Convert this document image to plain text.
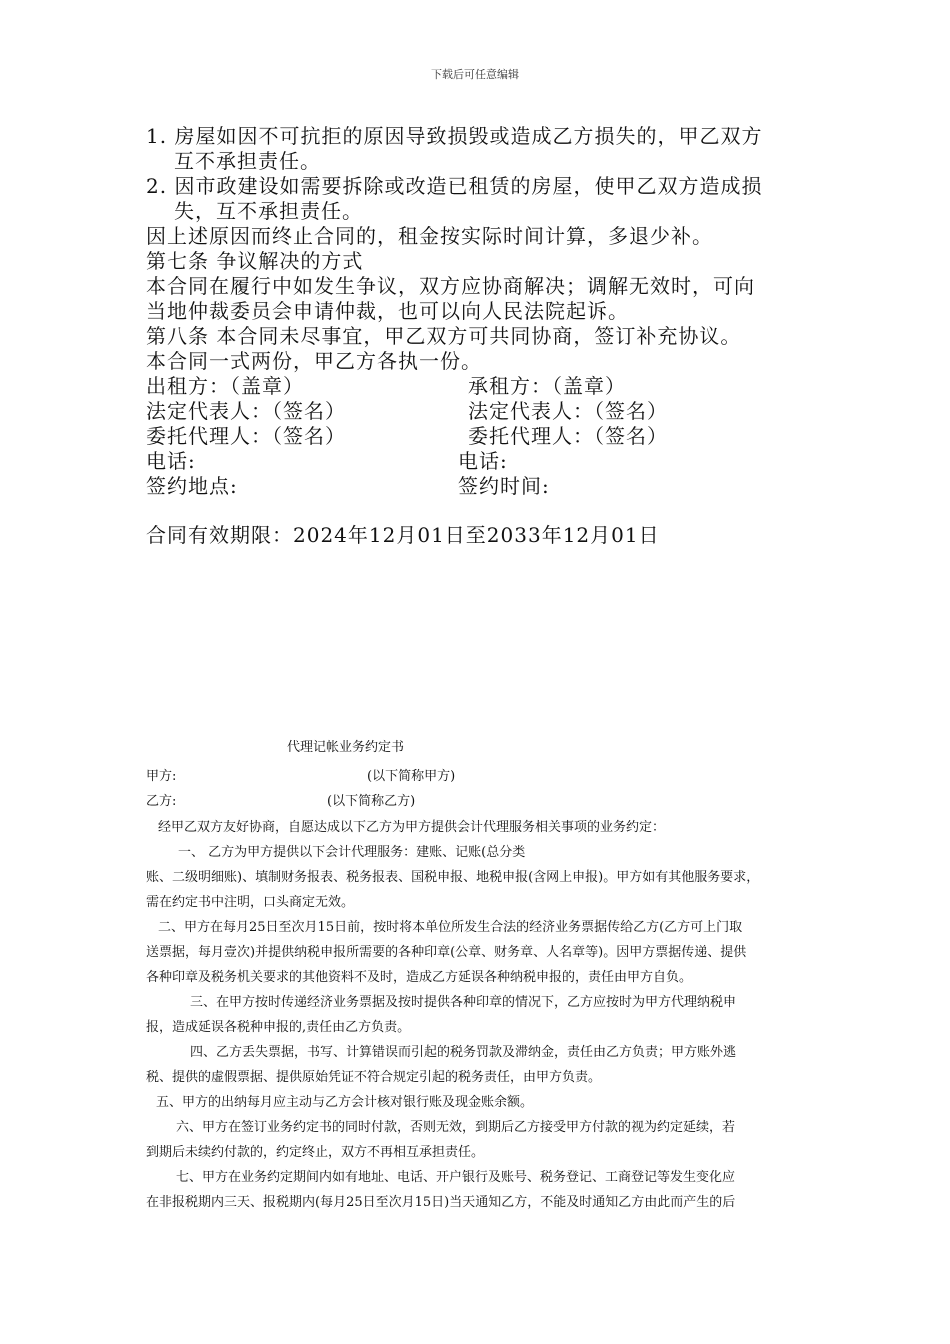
下载后可任意编辑
1. 房屋如因不可抗拒的原因导致损毁或造成乙方损失的，甲乙双方
互不承担责任。
2. 因市政建设如需要拆除或改造已租赁的房屋，使甲乙双方造成损
失，互不承担责任。
因上述原因而终止合同的，租金按实际时间计算，多退少补。
第七条 争议解决的方式
本合同在履行中如发生争议，双方应协商解决；调解无效时，可向
当地仲裁委员会申请仲裁，也可以向人民法院起诉。
第八条 本合同未尽事宜，甲乙双方可共同协商，签订补充协议。
本合同一式两份，甲乙方各执一份。
出租方：（盖章）	承租方：（盖章）
法定代表人：（签名）	法定代表人：（签名）
委托代理人：（签名）	委托代理人：（签名）
电话:	电话:
签约地点:	签约时间:
合同有效期限：2024年12月01日至2033年12月01日
代理记帐业务约定书
甲方:	(以下简称甲方)
乙方:	(以下简称乙方)
经甲乙双方友好协商，自愿达成以下乙方为甲方提供会计代理服务相关事项的业务约定：
一、 乙方为甲方提供以下会计代理服务：建账、记账(总分类
账、二级明细账)、填制财务报表、税务报表、国税申报、地税申报(含网上申报)。甲方如有其他服务要求，
需在约定书中注明，口头商定无效。
二、甲方在每月25日至次月15日前，按时将本单位所发生合法的经济业务票据传给乙方(乙方可上门取
送票据，每月壹次)并提供纳税申报所需要的各种印章(公章、财务章、人名章等)。因甲方票据传递、提供
各种印章及税务机关要求的其他资料不及时，造成乙方延误各种纳税申报的，责任由甲方自负。
三、在甲方按时传递经济业务票据及按时提供各种印章的情况下，乙方应按时为甲方代理纳税申
报，造成延误各税种申报的,责任由乙方负责。
四、乙方丢失票据，书写、计算错误而引起的税务罚款及滞纳金，责任由乙方负责；甲方账外逃
税、提供的虚假票据、提供原始凭证不符合规定引起的税务责任，由甲方负责。
五、甲方的出纳每月应主动与乙方会计核对银行账及现金账余额。
六、甲方在签订业务约定书的同时付款，否则无效，到期后乙方接受甲方付款的视为约定延续，若
到期后未续约付款的，约定终止，双方不再相互承担责任。
七、甲方在业务约定期间内如有地址、电话、开户银行及账号、税务登记、工商登记等发生变化应
在非报税期内三天、报税期内(每月25日至次月15日)当天通知乙方，不能及时通知乙方由此而产生的后
